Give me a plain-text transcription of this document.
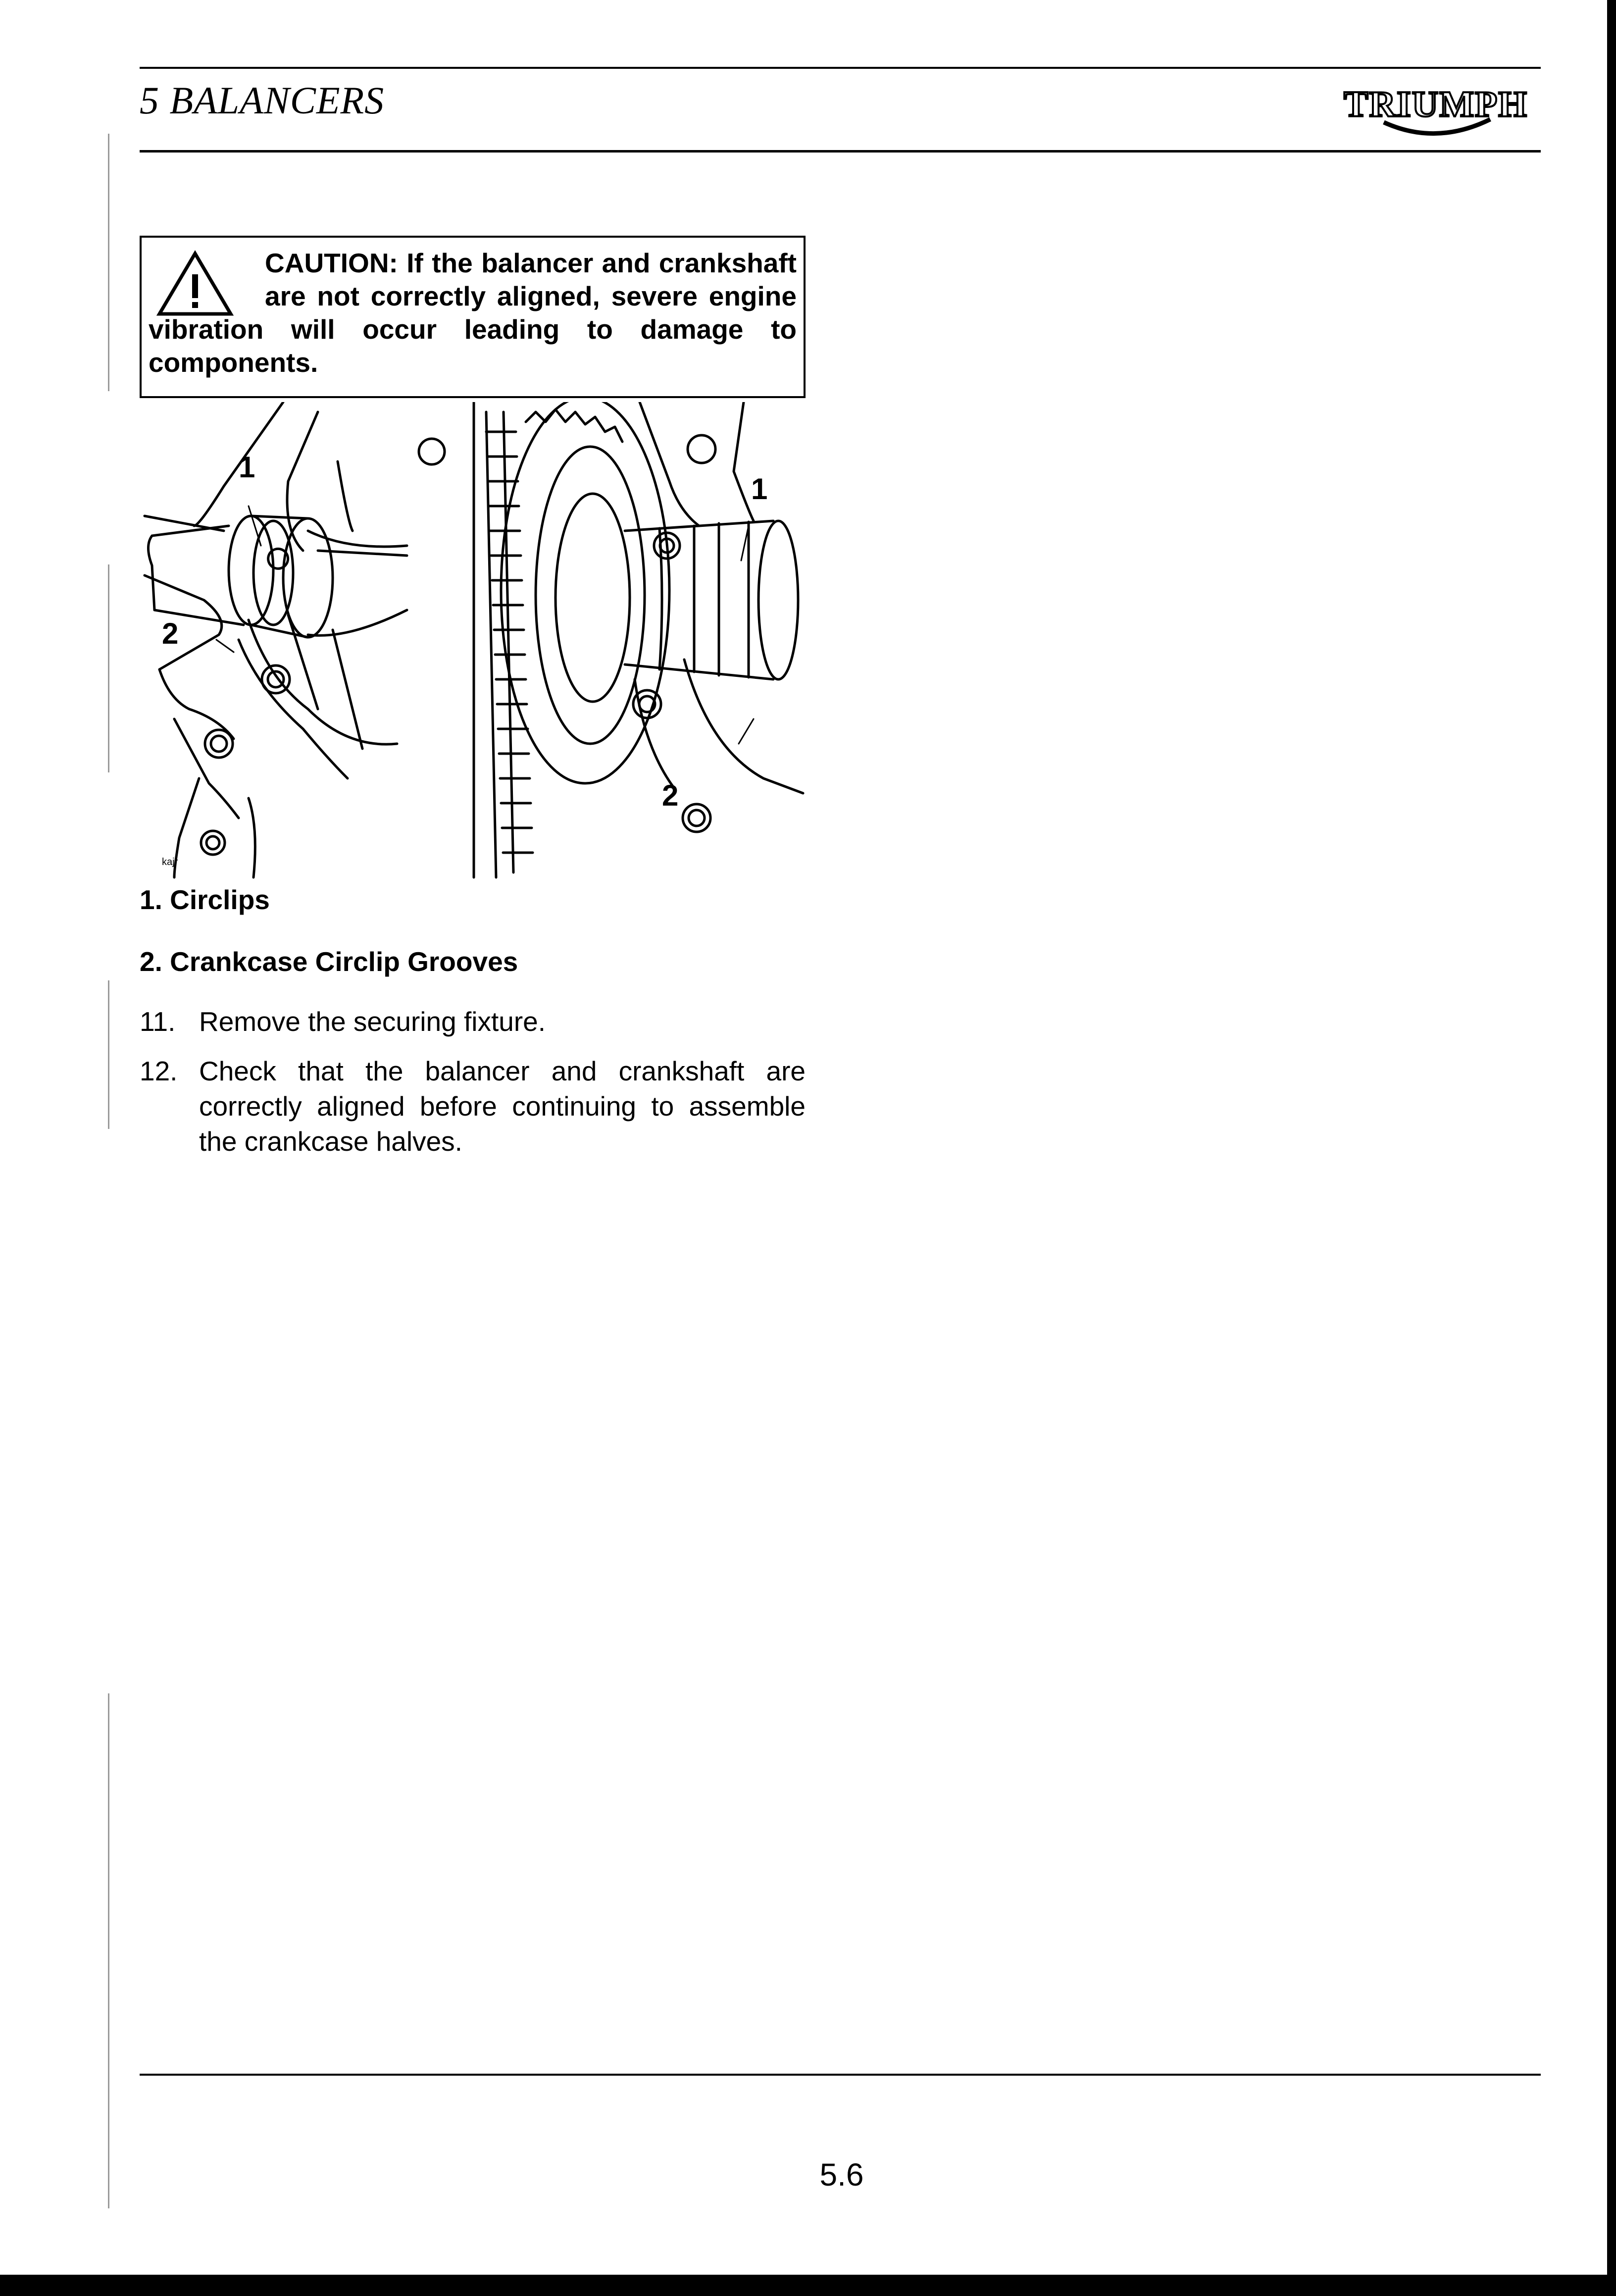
5 BALANCERS	TRIUMPH
CAUTION: If the balancer and crankshaft are not correctly aligned, severe engine vibration will occur leading to damage to components.
1
1
2
2
kajr
1. Circlips
2. Crankcase Circlip Grooves
11. Remove the securing fixture.
12. Check that the balancer and crankshaft are correctly aligned before continuing to assemble the crankcase halves.
5.6
